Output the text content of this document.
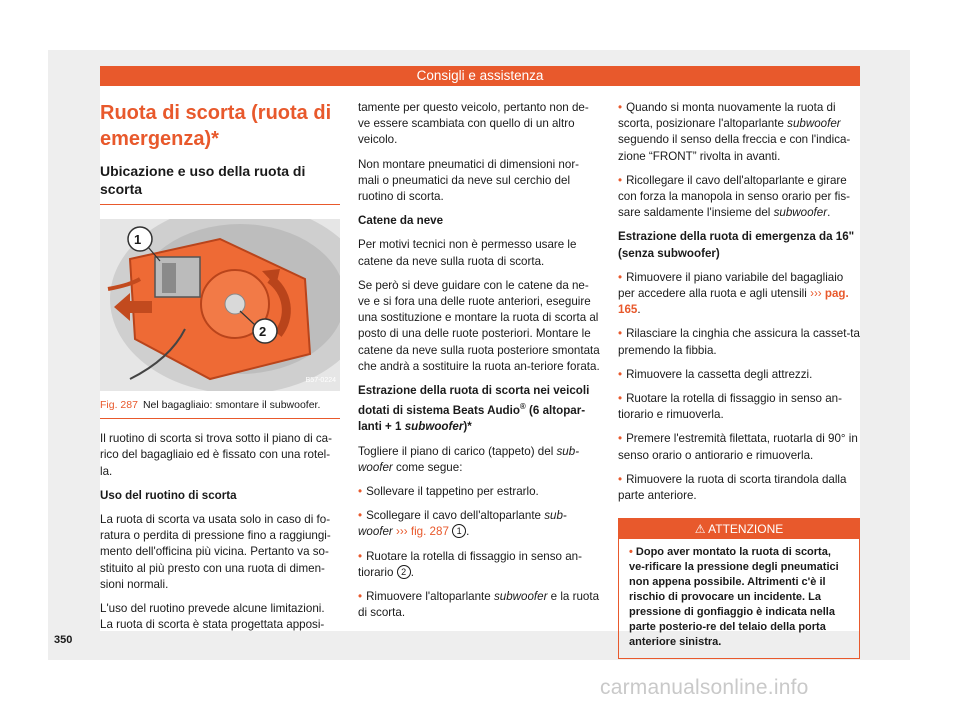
Consigli e assistenza
Ruota di scorta (ruota di emergenza)*
Ubicazione e uso della ruota di scorta
1
2
B57-0224
Fig. 287 Nel bagagliaio: smontare il subwoofer.

Il ruotino di scorta si trova sotto il piano di ca-rico del bagagliaio ed è fissato con una rotel-la.

Uso del ruotino di scorta

La ruota di scorta va usata solo in caso di fo-ratura o perdita di pressione fino a raggiungi-mento dell'officina più vicina. Pertanto va so-stituito al più presto con una ruota di dimen-sioni normali.

L'uso del ruotino prevede alcune limitazioni. La ruota di scorta è stata progettata apposi-

tamente per questo veicolo, pertanto non de-ve essere scambiata con quello di un altro veicolo.

Non montare pneumatici di dimensioni nor-mali o pneumatici da neve sul cerchio del ruotino di scorta.

Catene da neve

Per motivi tecnici non è permesso usare le catene da neve sulla ruota di scorta.

Se però si deve guidare con le catene da ne-ve e si fora una delle ruote anteriori, eseguire una sostituzione e montare la ruota di scorta al posto di una delle ruote posteriori. Montare le catene da neve sulla ruota posteriore smontata che andrà a sostituire la ruota an-teriore forata.

Estrazione della ruota di scorta nei veicoli dotati di sistema Beats Audio® (6 altopar-lanti + 1 subwoofer)*

Togliere il piano di carico (tappeto) del sub-woofer come segue:

• Sollevare il tappetino per estrarlo.

• Scollegare il cavo dell'altoparlante sub-woofer ››› fig. 287 1 .

• Ruotare la rotella di fissaggio in senso an-tiorario 2 .

• Rimuovere l'altoparlante subwoofer e la ruota di scorta.

• Quando si monta nuovamente la ruota di scorta, posizionare l'altoparlante subwoofer seguendo il senso della freccia e con l'indica-zione “FRONT” rivolta in avanti.

• Ricollegare il cavo dell'altoparlante e girare con forza la manopola in senso orario per fis-sare saldamente l'insieme del subwoofer.

Estrazione della ruota di emergenza da 16" (senza subwoofer)

• Rimuovere il piano variabile del bagagliaio per accedere alla ruota e agli utensili ››› pag. 165.

• Rilasciare la cinghia che assicura la casset-ta premendo la fibbia.

• Rimuovere la cassetta degli attrezzi.

• Ruotare la rotella di fissaggio in senso an-tiorario e rimuoverla.

• Premere l'estremità filettata, ruotarla di 90° in senso orario o antiorario e rimuoverla.

• Rimuovere la ruota di scorta tirandola dalla parte anteriore.

⚠ ATTENZIONE
• Dopo aver montato la ruota di scorta, ve-rificare la pressione degli pneumatici non appena possibile. Altrimenti c'è il rischio di provocare un incidente. La pressione di gonfiaggio è indicata nella parte posterio-re del telaio della porta anteriore sinistra.
350
carmanualsonline.info
